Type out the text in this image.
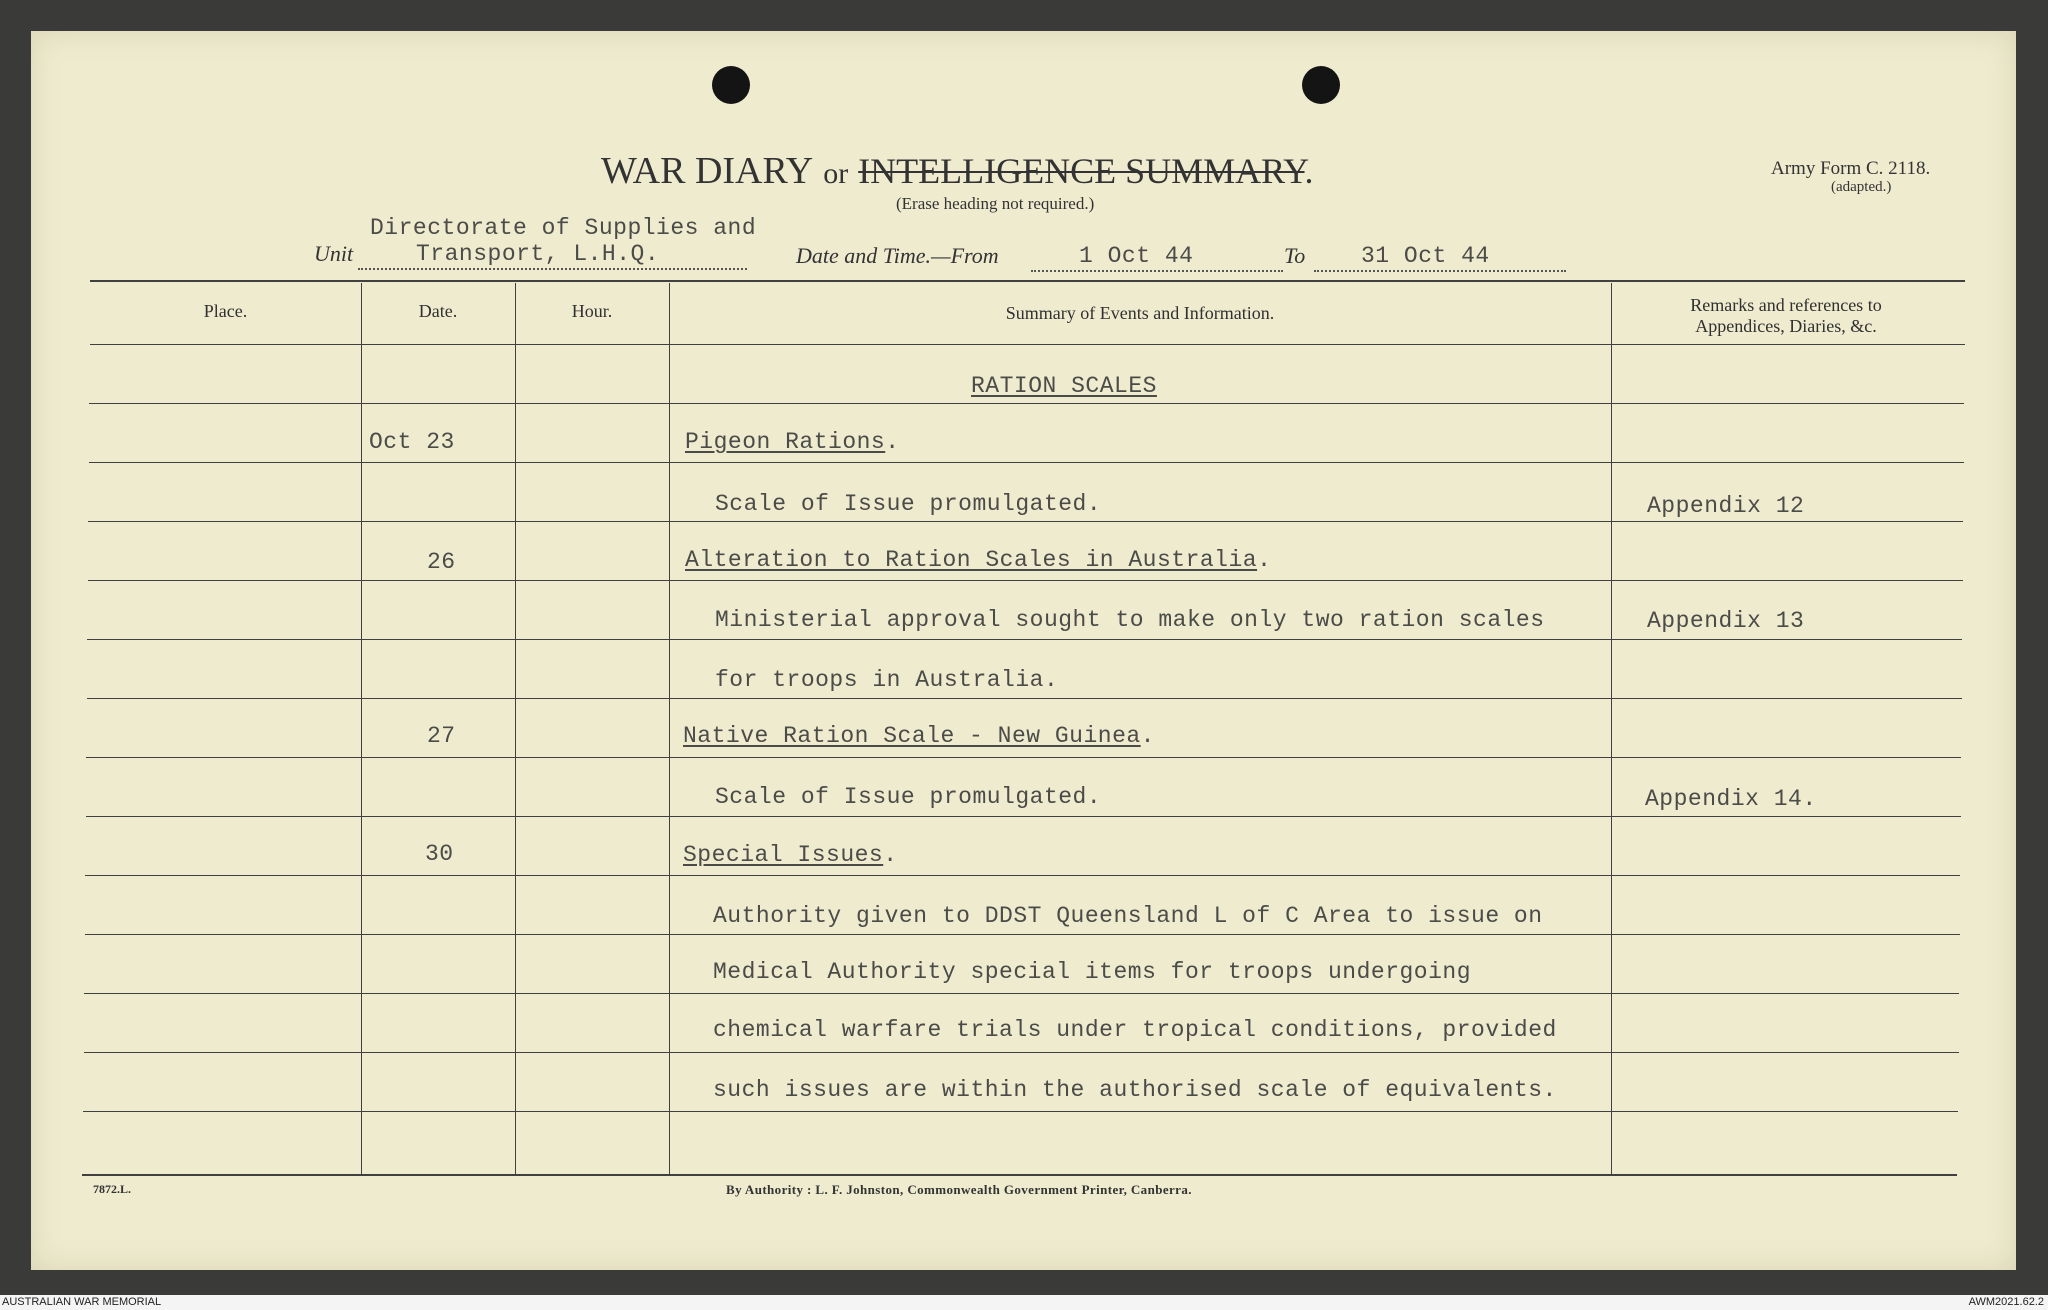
WAR DIARY or INTELLIGENCE SUMMARY.
(Erase heading not required.)
Army Form C. 2118.
(adapted.)
Directorate of Supplies and
Unit	Transport, L.H.Q.	Date and Time.—From	1 Oct 44	To 31 Oct 44
Place.	Date.	Hour.	Summary of Events and Information.	Remarks and references to
Appendices, Diaries, &c.
RATION SCALES
Oct 23	Pigeon Rations.
Scale of Issue promulgated.	Appendix 12
26	Alteration to Ration Scales in Australia.
Ministerial approval sought to make only two ration scales	Appendix 13
for troops in Australia.
27	Native Ration Scale - New Guinea.
Scale of Issue promulgated.	Appendix 14.
30	Special Issues.
Authority given to DDST Queensland L of C Area to issue on
Medical Authority special items for troops undergoing
chemical warfare trials under tropical conditions, provided
such issues are within the authorised scale of equivalents.
7872.L.	By Authority : L. F. Johnston, Commonwealth Government Printer, Canberra.
AUSTRALIAN WAR MEMORIAL	AWM2021.62.2
